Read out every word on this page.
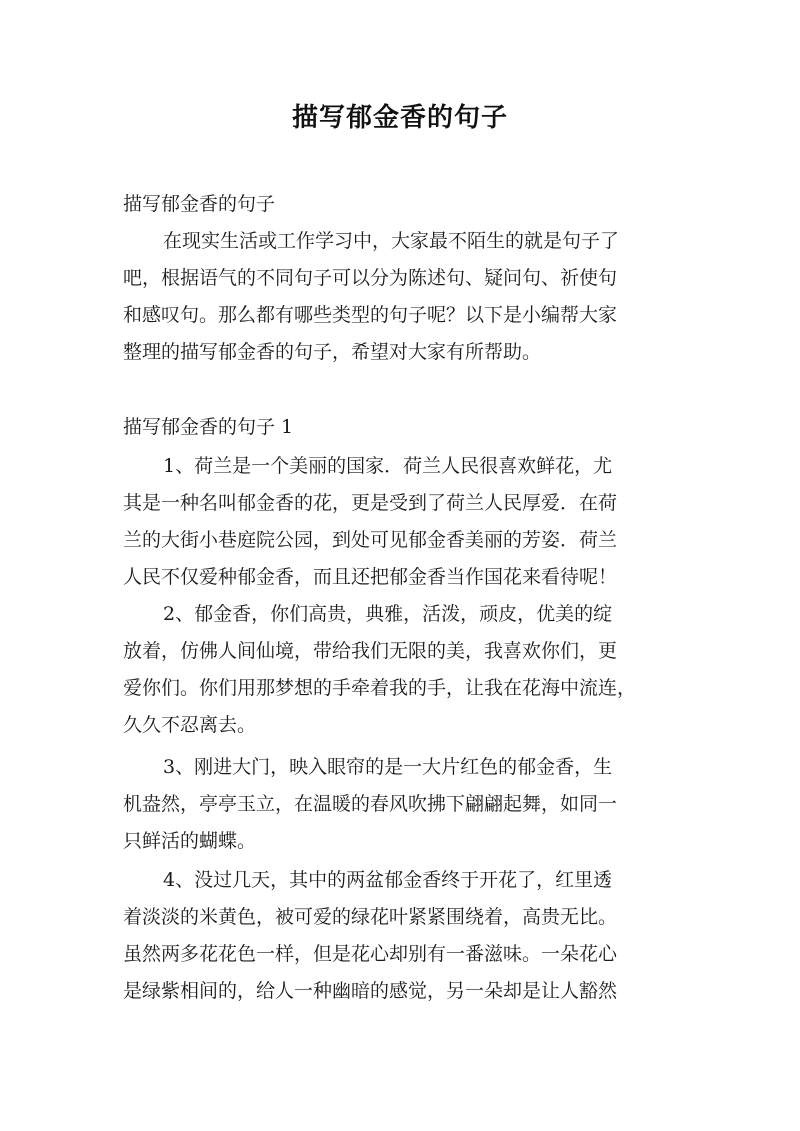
描写郁金香的句子
描写郁金香的句子
在现实生活或工作学习中，大家最不陌生的就是句子了
吧，根据语气的不同句子可以分为陈述句、疑问句、祈使句
和感叹句。那么都有哪些类型的句子呢？以下是小编帮大家
整理的描写郁金香的句子，希望对大家有所帮助。
描写郁金香的句子 1
1、荷兰是一个美丽的国家．荷兰人民很喜欢鲜花，尤
其是一种名叫郁金香的花，更是受到了荷兰人民厚爱．在荷
兰的大街小巷庭院公园，到处可见郁金香美丽的芳姿．荷兰
人民不仅爱种郁金香，而且还把郁金香当作国花来看待呢！
2、郁金香，你们高贵，典雅，活泼，顽皮，优美的绽
放着，仿佛人间仙境，带给我们无限的美，我喜欢你们，更
爱你们。你们用那梦想的手牵着我的手，让我在花海中流连，
久久不忍离去。
3、刚进大门，映入眼帘的是一大片红色的郁金香，生
机盎然，亭亭玉立，在温暖的春风吹拂下翩翩起舞，如同一
只鲜活的蝴蝶。
4、没过几天，其中的两盆郁金香终于开花了，红里透
着淡淡的米黄色，被可爱的绿花叶紧紧围绕着，高贵无比。
虽然两多花花色一样，但是花心却别有一番滋味。一朵花心
是绿紫相间的，给人一种幽暗的感觉，另一朵却是让人豁然
